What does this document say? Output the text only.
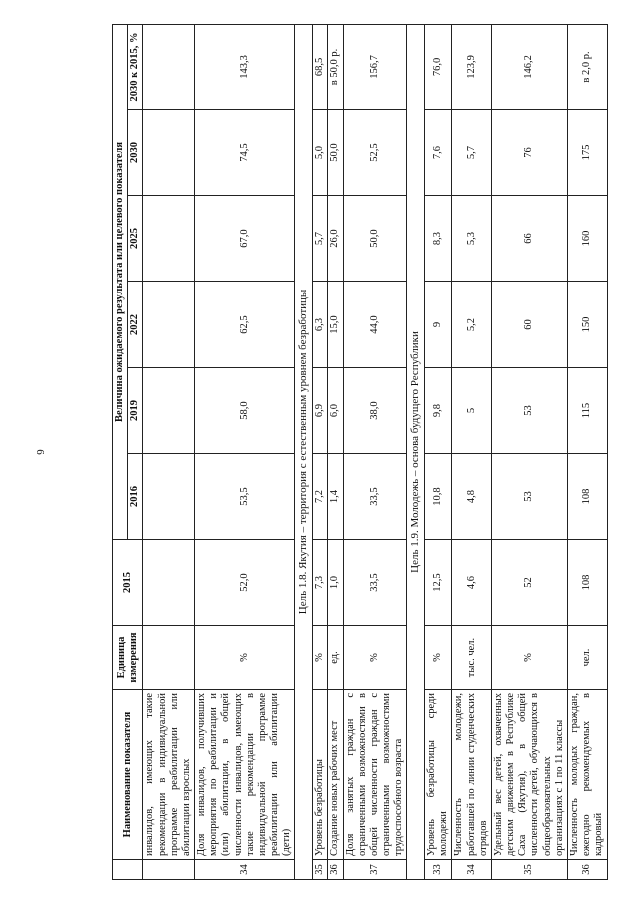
6
	Наименование показателя	Единица измерения	2015	Величина ожидаемого результата или целевого показателя					
				2016	2019	2022	2025	2030	2030 к 2015, %
	инвалидов, имеющих такие рекомендации в индивидуальной программе реабилитации или абилитации взрослых								
34	Доля инвалидов, получивших мероприятия по реабилитации и (или) абилитации, в общей численности инвалидов, имеющих такие рекомендации в индивидуальной программе реабилитации или абилитации (дети)	%	52,0	53,5	58,0	62,5	67,0	74,5	143,3
Цель 1.8. Якутия – территория с естественным уровнем безработицы									
35	Уровень безработицы	%	7,3	7,2	6,9	6,3	5,7	5,0	68,5
36	Создание новых рабочих мест	ед.	1,0	1,4	6,0	15,0	26,0	50,0	в 50,0 р.
37	Доля занятых граждан с ограниченными возможностями в общей численности граждан с ограниченными возможностями трудоспособного возраста	%	33,5	33,5	38,0	44,0	50,0	52,5	156,7
Цель 1.9. Молодежь – основа будущего Республики									
33	Уровень безработицы среди молодежи	%	12,5	10,8	9,8	9	8,3	7,6	76,0
34	Численность молодежи, работавшей по линии студенческих отрядов	тыс. чел.	4,6	4,8	5	5,2	5,3	5,7	123,9
35	Удельный вес детей, охваченных детским движением в Республике Саха (Якутия), в общей численности детей, обучающихся в общеобразовательных организациях с 1 по 11 классы	%	52	53	53	60	66	76	146,2
36	Численность молодых граждан, ежегодно рекомендуемых в кадровый	чел.	108	108	115	150	160	175	в 2,0 р.
